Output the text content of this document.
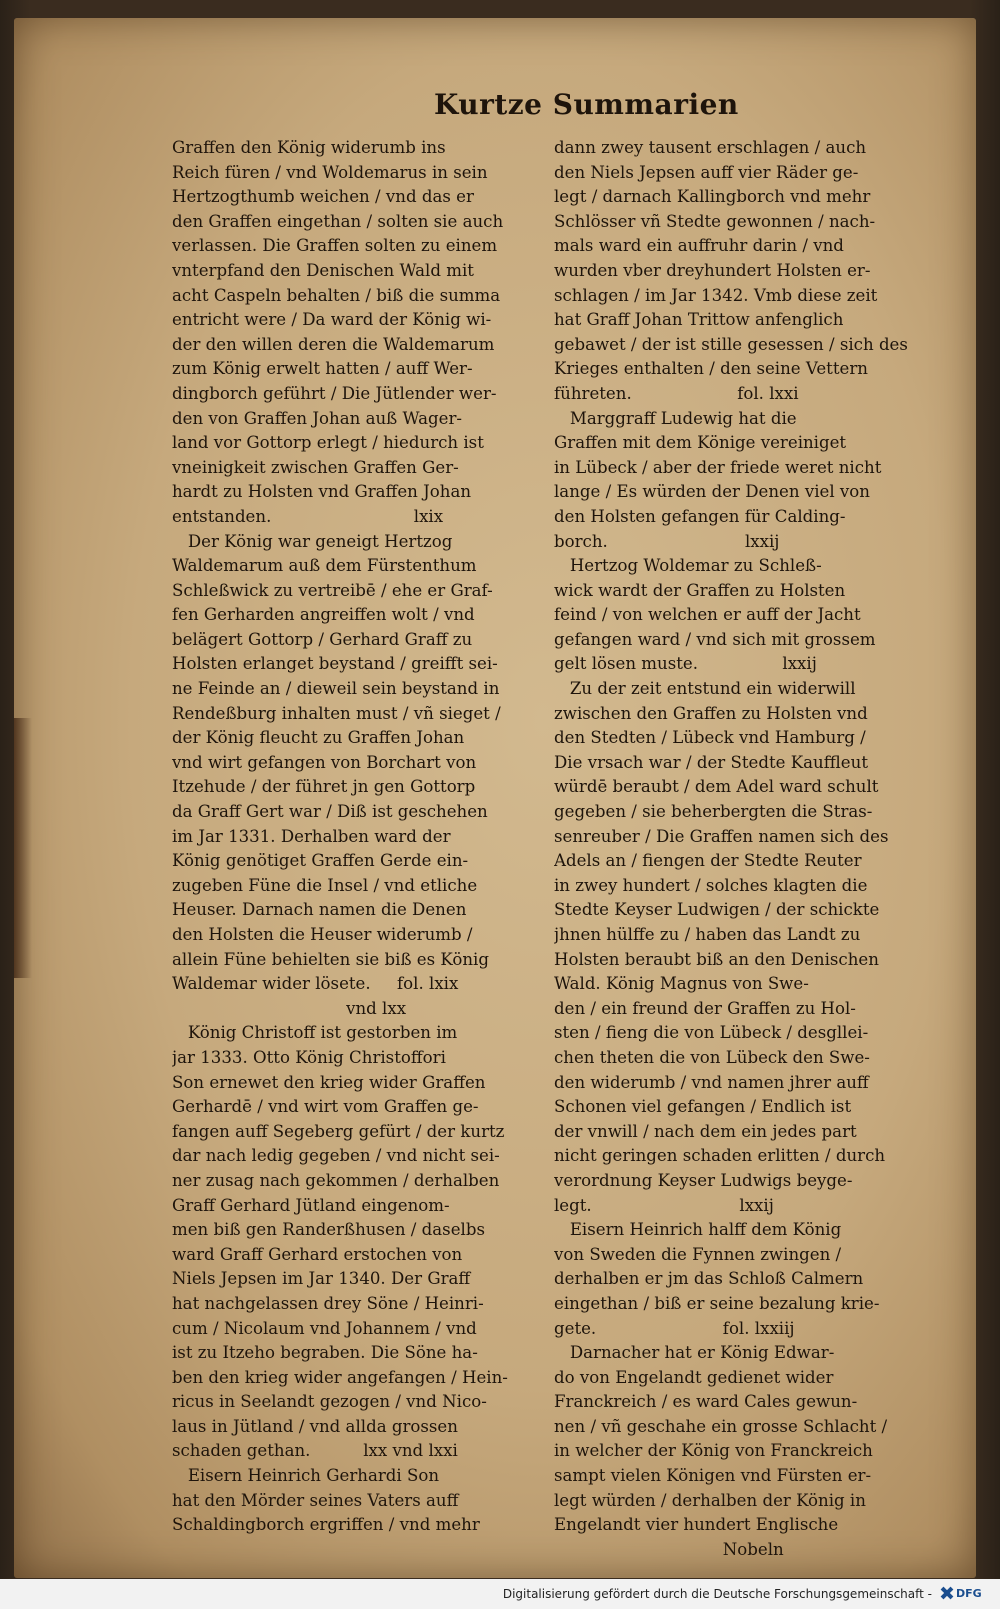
Kurtze Summarien
Graffen den König widerumb ins
Reich füren / vnd Woldemarus in sein
Hertzogthumb weichen / vnd das er
den Graffen eingethan / solten sie auch
verlassen. Die Graffen solten zu einem
vnterpfand den Denischen Wald mit
acht Caspeln behalten / biß die summa
entricht were / Da ward der König wi-
der den willen deren die Waldemarum
zum König erwelt hatten / auff Wer-
dingborch geführt / Die Jütlender wer-
den von Graffen Johan auß Wager-
land vor Gottorp erlegt / hiedurch ist
vneinigkeit zwischen Graffen Ger-
hardt zu Holsten vnd Graffen Johan
entstanden.                           lxix
Der König war geneigt Hertzog
Waldemarum auß dem Fürstenthum
Schleßwick zu vertreibē / ehe er Graf-
fen Gerharden angreiffen wolt / vnd
belägert Gottorp / Gerhard Graff zu
Holsten erlanget beystand / greifft sei-
ne Feinde an / dieweil sein beystand in
Rendeßburg inhalten must / vñ sieget /
der König fleucht zu Graffen Johan
vnd wirt gefangen von Borchart von
Itzehude / der führet jn gen Gottorp
da Graff Gert war / Diß ist geschehen
im Jar 1331. Derhalben ward der
König genötiget Graffen Gerde ein-
zugeben Füne die Insel / vnd etliche
Heuser. Darnach namen die Denen
den Holsten die Heuser widerumb /
allein Füne behielten sie biß es König
Waldemar wider lösete.     fol. lxix
vnd lxx
König Christoff ist gestorben im
jar 1333. Otto König Christoffori
Son ernewet den krieg wider Graffen
Gerhardē / vnd wirt vom Graffen ge-
fangen auff Segeberg gefürt / der kurtz
dar nach ledig gegeben / vnd nicht sei-
ner zusag nach gekommen / derhalben
Graff Gerhard Jütland eingenom-
men biß gen Randerßhusen / daselbs
ward Graff Gerhard erstochen von
Niels Jepsen im Jar 1340. Der Graff
hat nachgelassen drey Söne / Heinri-
cum / Nicolaum vnd Johannem / vnd
ist zu Itzeho begraben. Die Söne ha-
ben den krieg wider angefangen / Hein-
ricus in Seelandt gezogen / vnd Nico-
laus in Jütland / vnd allda grossen
schaden gethan.          lxx vnd lxxi
Eisern Heinrich Gerhardi Son
hat den Mörder seines Vaters auff
Schaldingborch ergriffen / vnd mehr
dann zwey tausent erschlagen / auch
den Niels Jepsen auff vier Räder ge-
legt / darnach Kallingborch vnd mehr
Schlösser vñ Stedte gewonnen / nach-
mals ward ein auffruhr darin / vnd
wurden vber dreyhundert Holsten er-
schlagen / im Jar 1342. Vmb diese zeit
hat Graff Johan Trittow anfenglich
gebawet / der ist stille gesessen / sich des
Krieges enthalten / den seine Vettern
führeten.                    fol. lxxi
Marggraff Ludewig hat die
Graffen mit dem Könige vereiniget
in Lübeck / aber der friede weret nicht
lange / Es würden der Denen viel von
den Holsten gefangen für Calding-
borch.                          lxxij
Hertzog Woldemar zu Schleß-
wick wardt der Graffen zu Holsten
feind / von welchen er auff der Jacht
gefangen ward / vnd sich mit grossem
gelt lösen muste.                lxxij
Zu der zeit entstund ein widerwill
zwischen den Graffen zu Holsten vnd
den Stedten / Lübeck vnd Hamburg /
Die vrsach war / der Stedte Kauffleut
würdē beraubt / dem Adel ward schult
gegeben / sie beherbergten die Stras-
senreuber / Die Graffen namen sich des
Adels an / fiengen der Stedte Reuter
in zwey hundert / solches klagten die
Stedte Keyser Ludwigen / der schickte
jhnen hülffe zu / haben das Landt zu
Holsten beraubt biß an den Denischen
Wald. König Magnus von Swe-
den / ein freund der Graffen zu Hol-
sten / fieng die von Lübeck / desgllei-
chen theten die von Lübeck den Swe-
den widerumb / vnd namen jhrer auff
Schonen viel gefangen / Endlich ist
der vnwill / nach dem ein jedes part
nicht geringen schaden erlitten / durch
verordnung Keyser Ludwigs beyge-
legt.                            lxxij
Eisern Heinrich halff dem König
von Sweden die Fynnen zwingen /
derhalben er jm das Schloß Calmern
eingethan / biß er seine bezalung krie-
gete.                        fol. lxxiij
Darnacher hat er König Edwar-
do von Engelandt gedienet wider
Franckreich / es ward Cales gewun-
nen / vñ geschahe ein grosse Schlacht /
in welcher der König von Franckreich
sampt vielen Königen vnd Fürsten er-
legt würden / derhalben der König in
Engelandt vier hundert Englische
Nobeln
Digitalisierung gefördert durch die Deutsche Forschungsgemeinschaft - DFG
